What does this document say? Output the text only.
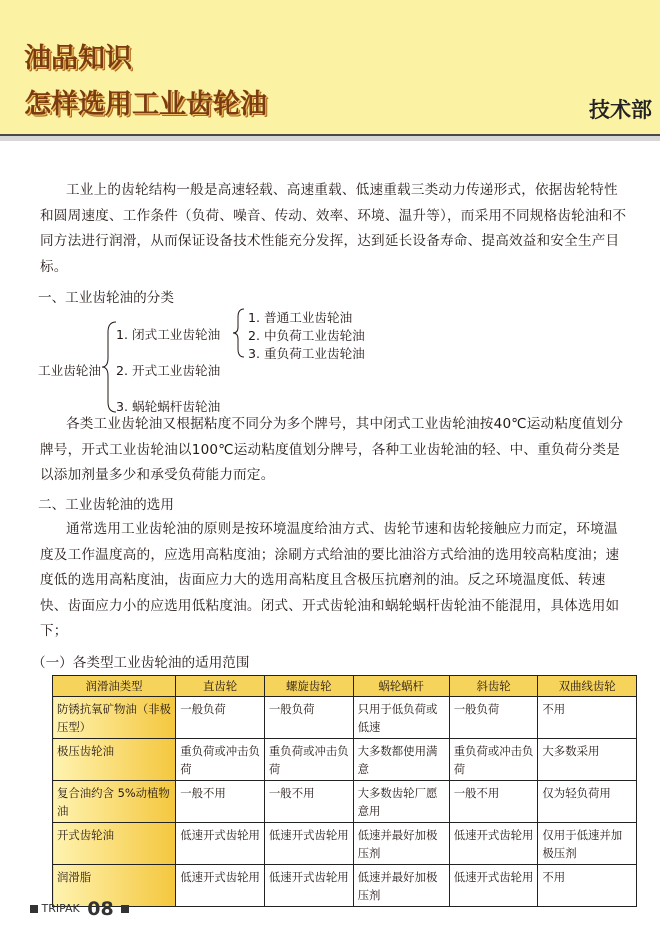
油品知识
怎样选用工业齿轮油	技术部

工业上的齿轮结构一般是高速轻载、高速重载、低速重载三类动力传递形式，依据齿轮特性和圆周速度、工作条件（负荷、噪音、传动、效率、环境、温升等），而采用不同规格齿轮油和不同方法进行润滑，从而保证设备技术性能充分发挥，达到延长设备寿命、提高效益和安全生产目标。

一、工业齿轮油的分类
工业齿轮油
1. 闭式工业齿轮油
2. 开式工业齿轮油
3. 蜗轮蜗杆齿轮油
1. 普通工业齿轮油
2. 中负荷工业齿轮油
3. 重负荷工业齿轮油

各类工业齿轮油又根据粘度不同分为多个牌号，其中闭式工业齿轮油按40℃运动粘度值划分牌号，开式工业齿轮油以100℃运动粘度值划分牌号，各种工业齿轮油的轻、中、重负荷分类是以添加剂量多少和承受负荷能力而定。

二、工业齿轮油的选用

通常选用工业齿轮油的原则是按环境温度给油方式、齿轮节速和齿轮接触应力而定，环境温度及工作温度高的，应选用高粘度油；涂刷方式给油的要比油浴方式给油的选用较高粘度油；速度低的选用高粘度油，齿面应力大的选用高粘度且含极压抗磨剂的油。反之环境温度低、转速快、齿面应力小的应选用低粘度油。闭式、开式齿轮油和蜗轮蜗杆齿轮油不能混用，具体选用如下；

（一）各类型工业齿轮油的适用范围
润滑油类型	直齿轮	螺旋齿轮	蜗轮蜗杆	斜齿轮	双曲线齿轮
防锈抗氧矿物油（非极压型）	一般负荷	一般负荷	只用于低负荷或低速	一般负荷	不用
极压齿轮油	重负荷或冲击负荷	重负荷或冲击负荷	大多数都使用满意	重负荷或冲击负荷	大多数采用
复合油约含 5%动植物油	一般不用	一般不用	大多数齿轮厂愿意用	一般不用	仅为轻负荷用
开式齿轮油	低速开式齿轮用	低速开式齿轮用	低速并最好加极压剂	低速开式齿轮用	仅用于低速并加极压剂
润滑脂	低速开式齿轮用	低速开式齿轮用	低速并最好加极压剂	低速开式齿轮用	不用
TRIPAK 08
